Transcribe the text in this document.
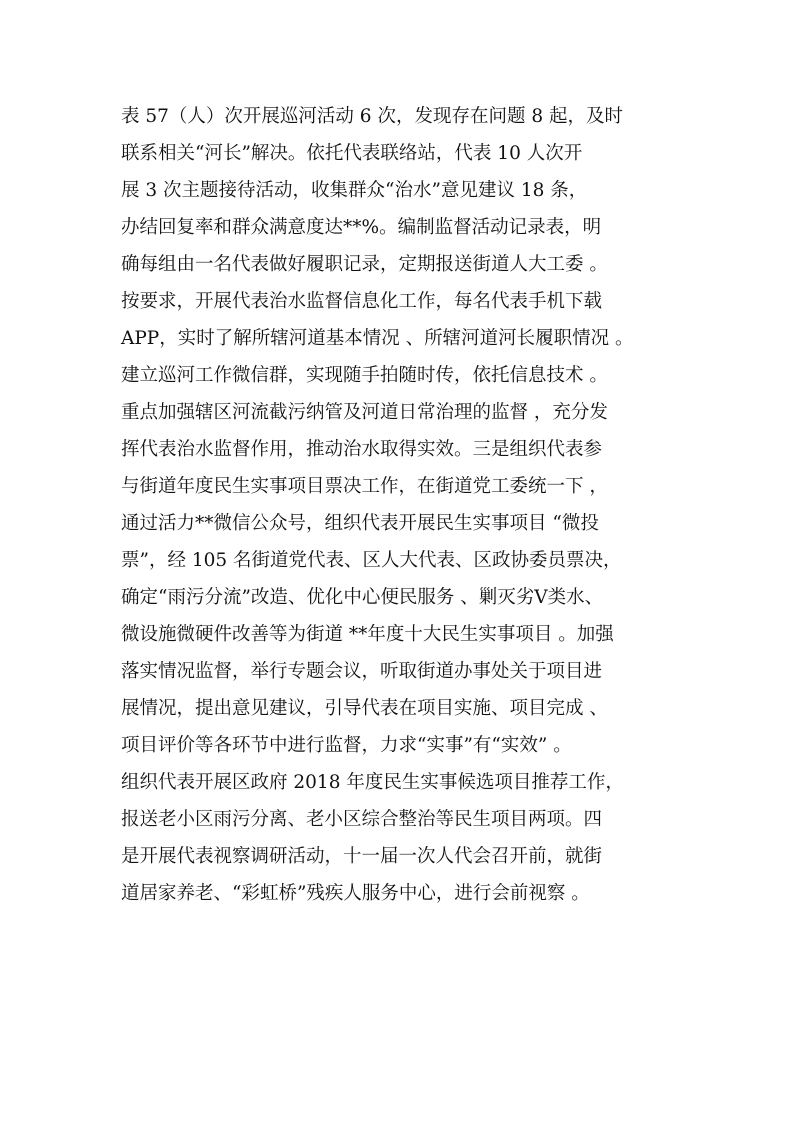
表 57（人）次开展巡河活动 6 次，发现存在问题 8 起，及时
联系相关“河长”解决。依托代表联络站，代表 10 人次开
展 3 次主题接待活动，收集群众“治水”意见建议 18 条，
办结回复率和群众满意度达**%。编制监督活动记录表，明
确每组由一名代表做好履职记录，定期报送街道人大工委 。
按要求，开展代表治水监督信息化工作，每名代表手机下载
APP，实时了解所辖河道基本情况 、所辖河道河长履职情况 。
建立巡河工作微信群，实现随手拍随时传，依托信息技术 。
重点加强辖区河流截污纳管及河道日常治理的监督 ，充分发
挥代表治水监督作用，推动治水取得实效。三是组织代表参
与街道年度民生实事项目票决工作，在街道党工委统一下 ，
通过活力**微信公众号，组织代表开展民生实事项目 “微投
票”，经 105 名街道党代表、区人大代表、区政协委员票决，
确定“雨污分流”改造、优化中心便民服务 、剿灭劣Ⅴ类水、
微设施微硬件改善等为街道 **年度十大民生实事项目 。加强
落实情况监督，举行专题会议，听取街道办事处关于项目进
展情况，提出意见建议，引导代表在项目实施、项目完成 、
项目评价等各环节中进行监督，力求“实事”有“实效” 。
组织代表开展区政府 2018 年度民生实事候选项目推荐工作，
报送老小区雨污分离、老小区综合整治等民生项目两项。四
是开展代表视察调研活动，十一届一次人代会召开前，就街
道居家养老、“彩虹桥”残疾人服务中心，进行会前视察 。
